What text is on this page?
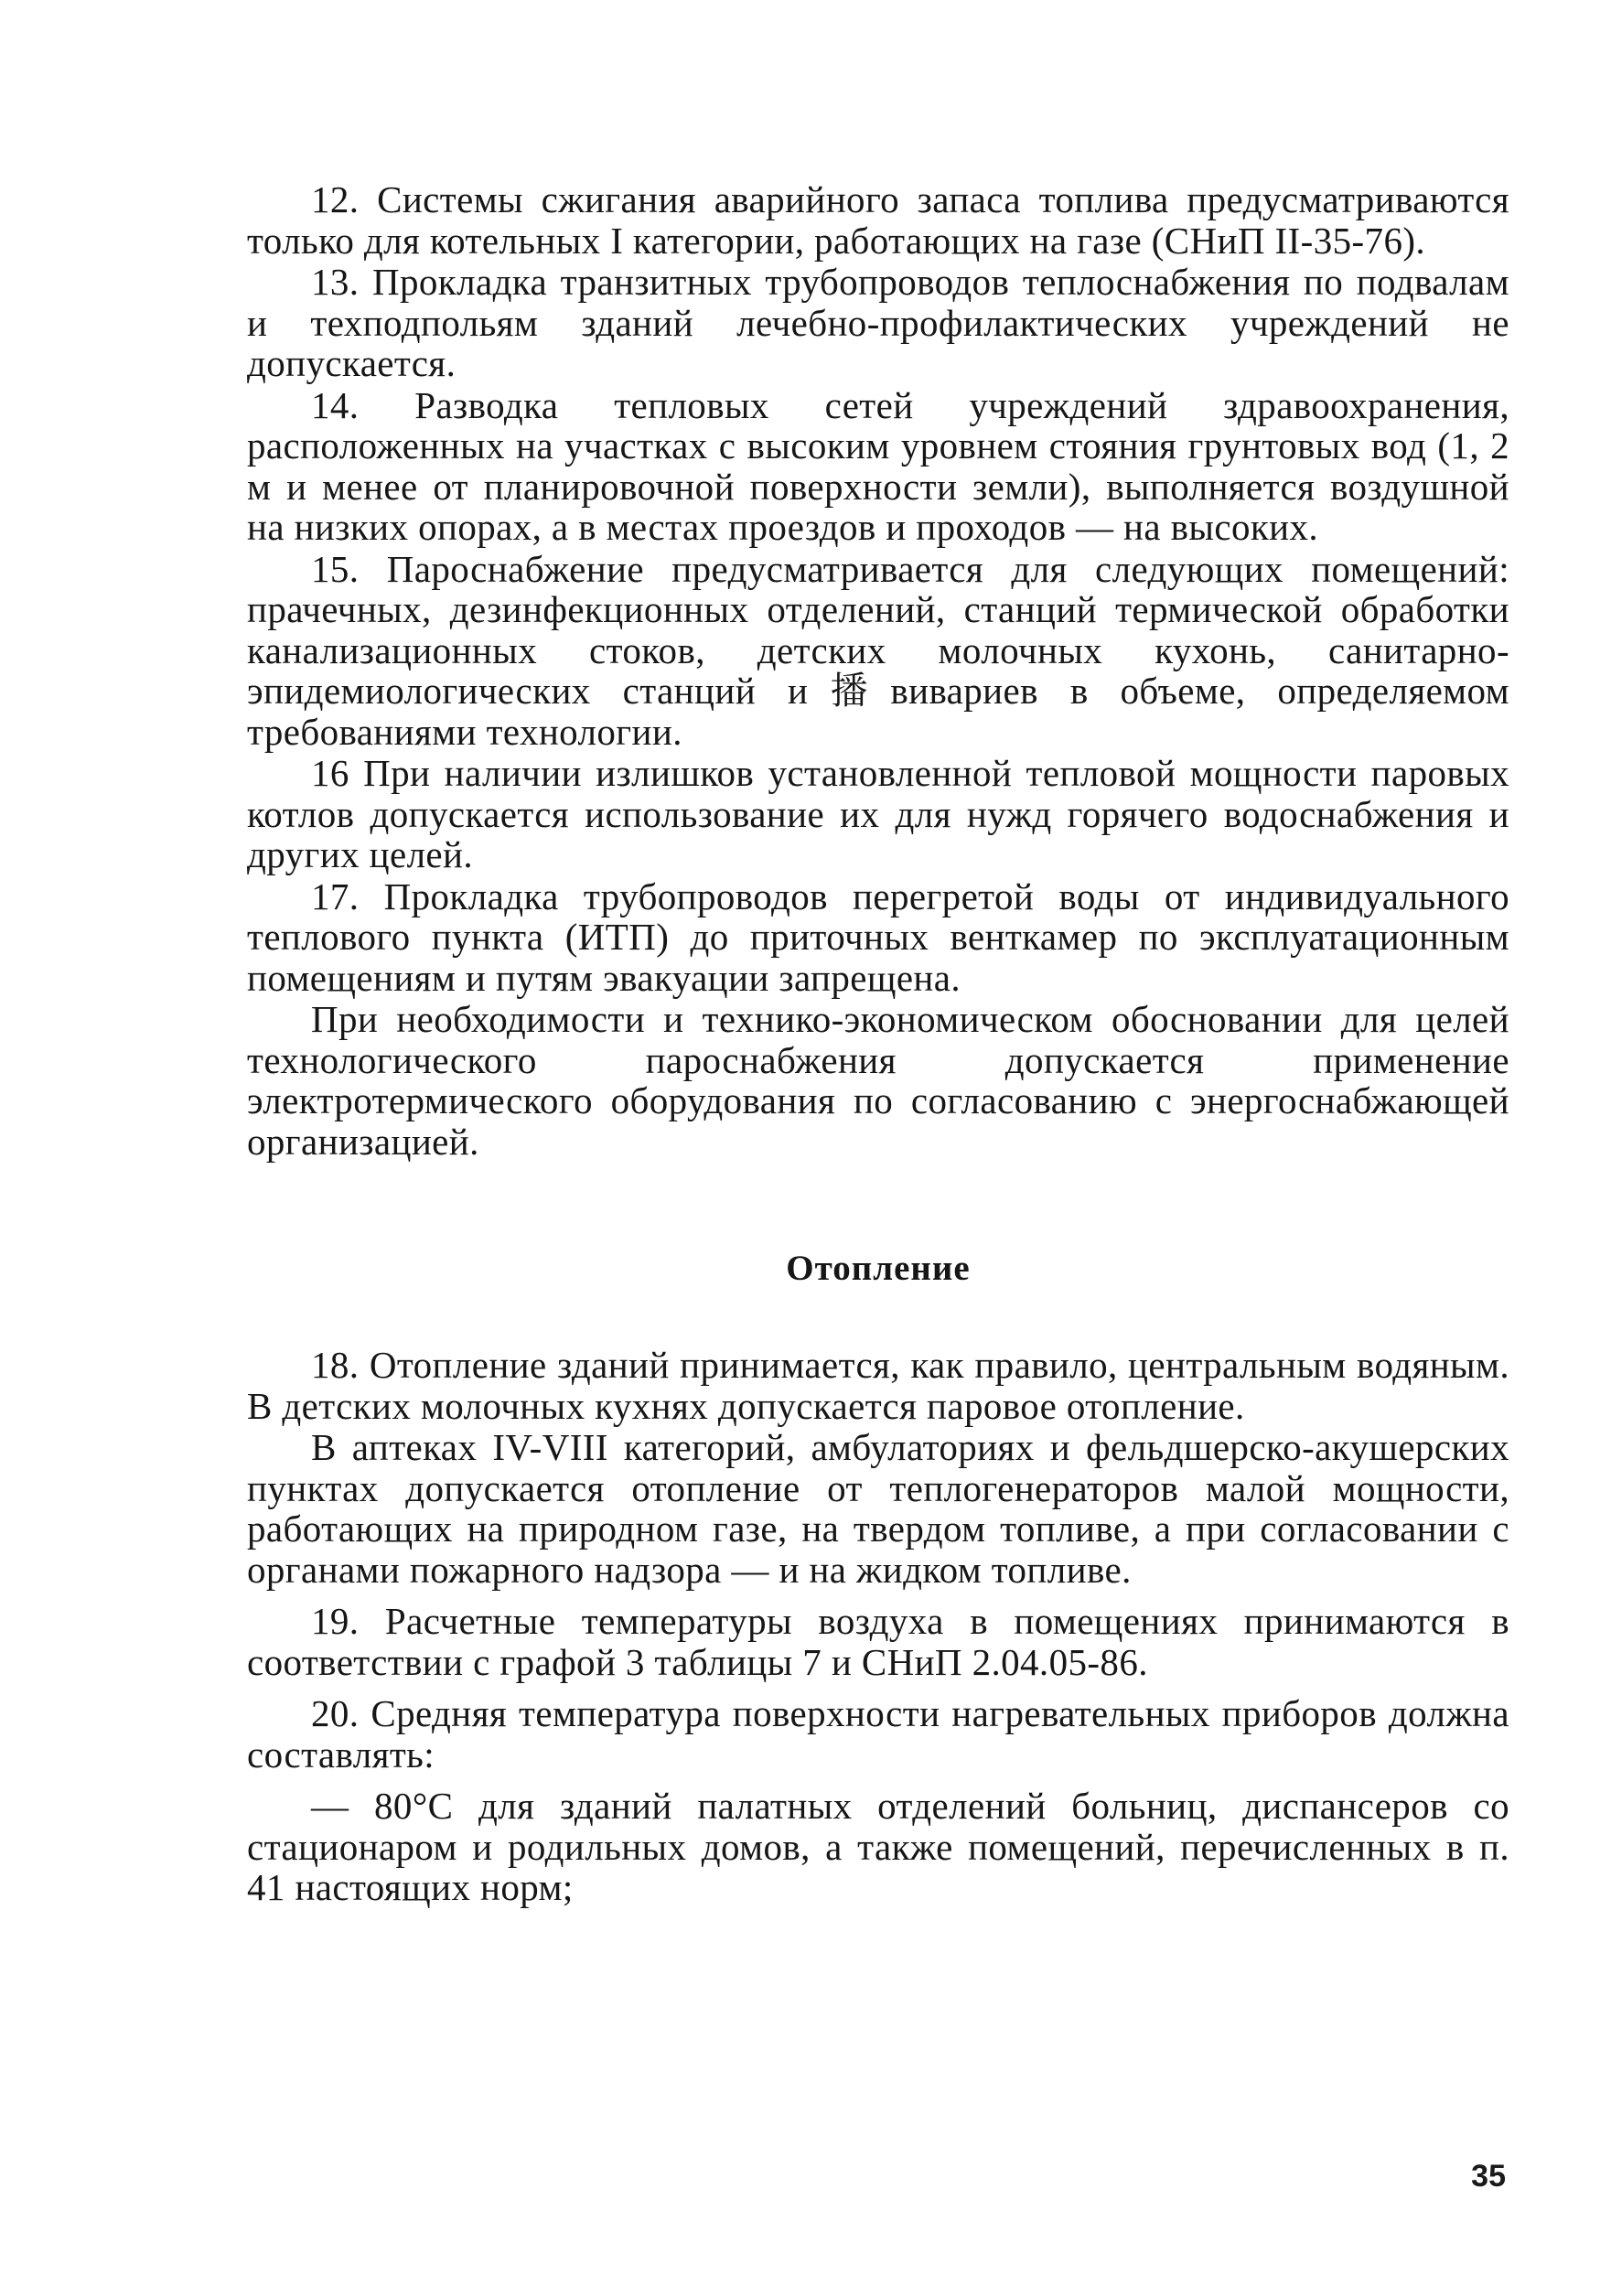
12. Системы сжигания аварийного запаса топлива предусматриваются только для котельных I категории, работающих на газе (СНиП II-35-76).

13. Прокладка транзитных трубопроводов теплоснабжения по подвалам и техподпольям зданий лечебно-профилактических учреждений не допускается.

14. Разводка тепловых сетей учреждений здравоохранения, расположенных на участках с высоким уровнем стояния грунтовых вод (1, 2 м и менее от планировочной поверхности земли), выполняется воздушной на низких опорах, а в местах проездов и проходов — на высоких.

15. Пароснабжение предусматривается для следующих помещений: прачечных, дезинфекционных отделений, станций термической обработки канализационных стоков, детских молочных кухонь, санитарно-эпидемиологических станций и播вивариев в объеме, определяемом требованиями технологии.

16 При наличии излишков установленной тепловой мощности паровых котлов допускается использование их для нужд горячего водоснабжения и других целей.

17. Прокладка трубопроводов перегретой воды от индивидуального теплового пункта (ИТП) до приточных венткамер по эксплуатационным помещениям и путям эвакуации запрещена.

При необходимости и технико-экономическом обосновании для целей технологического пароснабжения допускается применение электротермического оборудования по согласованию с энергоснабжающей организацией.

Отопление

18. Отопление зданий принимается, как правило, центральным водяным. В детских молочных кухнях допускается паровое отопление.

В аптеках IV-VIII категорий, амбулаториях и фельдшерско-акушерских пунктах допускается отопление от теплогенераторов малой мощности, работающих на природном газе, на твердом топливе, а при согласовании с органами пожарного надзора — и на жидком топливе.

19. Расчетные температуры воздуха в помещениях принимаются в соответствии с графой 3 таблицы 7 и СНиП 2.04.05-86.

20. Средняя температура поверхности нагревательных приборов должна составлять:

— 80°С для зданий палатных отделений больниц, диспансеров со стационаром и родильных домов, а также помещений, перечисленных в п. 41 настоящих норм;

35
